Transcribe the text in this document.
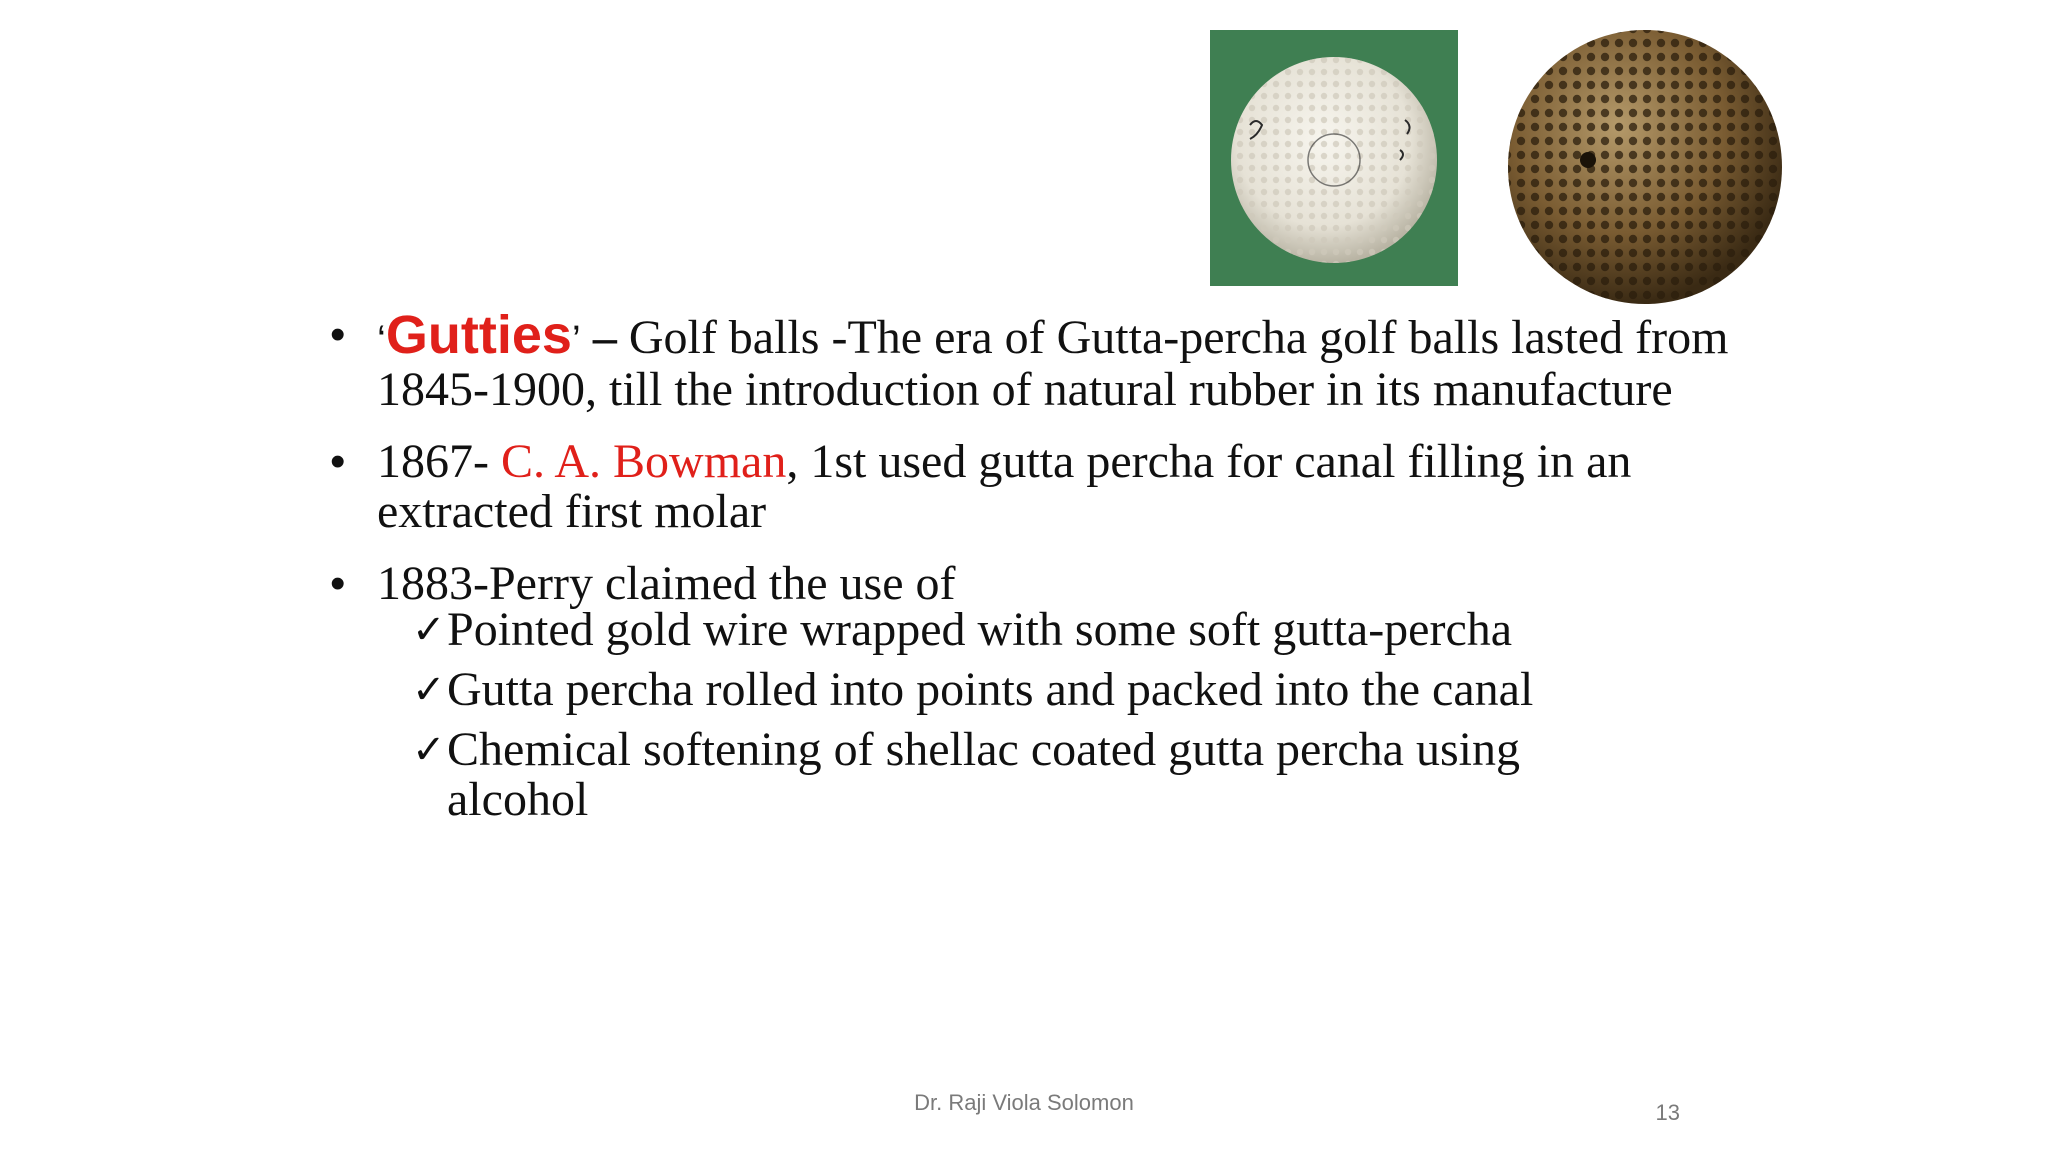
• ‘Gutties’ – Golf balls -The era of Gutta-percha golf balls lasted from 1845-1900, till the introduction of natural rubber in its manufacture
• 1867- C. A. Bowman, 1st used gutta percha for canal filling in an extracted first molar
• 1883-Perry claimed the use of
✓ Pointed gold wire wrapped with some soft gutta-percha
✓ Gutta percha rolled into points and packed into the canal
✓ Chemical softening of shellac coated gutta percha using alcohol
Dr. Raji Viola Solomon	13
